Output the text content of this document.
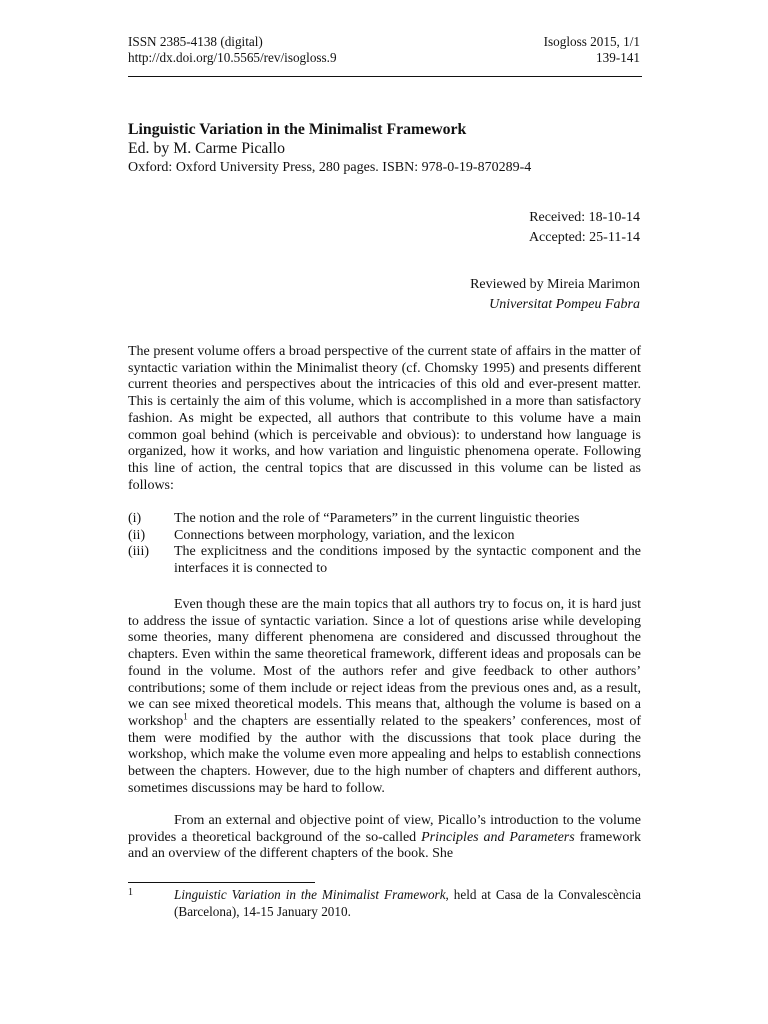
ISSN 2385-4138 (digital)	Isogloss 2015, 1/1
http://dx.doi.org/10.5565/rev/isogloss.9	139-141
Linguistic Variation in the Minimalist Framework
Ed. by M. Carme Picallo
Oxford: Oxford University Press, 280 pages. ISBN: 978-0-19-870289-4
Received: 18-10-14
Accepted: 25-11-14
Reviewed by Mireia Marimon
Universitat Pompeu Fabra
The present volume offers a broad perspective of the current state of affairs in the matter of syntactic variation within the Minimalist theory (cf. Chomsky 1995) and presents different current theories and perspectives about the intricacies of this old and ever-present matter. This is certainly the aim of this volume, which is accomplished in a more than satisfactory fashion. As might be expected, all authors that contribute to this volume have a main common goal behind (which is perceivable and obvious): to understand how language is organized, how it works, and how variation and linguistic phenomena operate. Following this line of action, the central topics that are discussed in this volume can be listed as follows:
(i)	The notion and the role of “Parameters” in the current linguistic theories
(ii)	Connections between morphology, variation, and the lexicon
(iii)	The explicitness and the conditions imposed by the syntactic component and the interfaces it is connected to
Even though these are the main topics that all authors try to focus on, it is hard just to address the issue of syntactic variation. Since a lot of questions arise while developing some theories, many different phenomena are considered and discussed throughout the chapters. Even within the same theoretical framework, different ideas and proposals can be found in the volume. Most of the authors refer and give feedback to other authors’ contributions; some of them include or reject ideas from the previous ones and, as a result, we can see mixed theoretical models. This means that, although the volume is based on a workshop$^1$ and the chapters are essentially related to the speakers’ conferences, most of them were modified by the author with the discussions that took place during the workshop, which make the volume even more appealing and helps to establish connections between the chapters. However, due to the high number of chapters and different authors, sometimes discussions may be hard to follow.
From an external and objective point of view, Picallo’s introduction to the volume provides a theoretical background of the so-called Principles and Parameters framework and an overview of the different chapters of the book. She
1	Linguistic Variation in the Minimalist Framework, held at Casa de la Convalescència (Barcelona), 14-15 January 2010.
